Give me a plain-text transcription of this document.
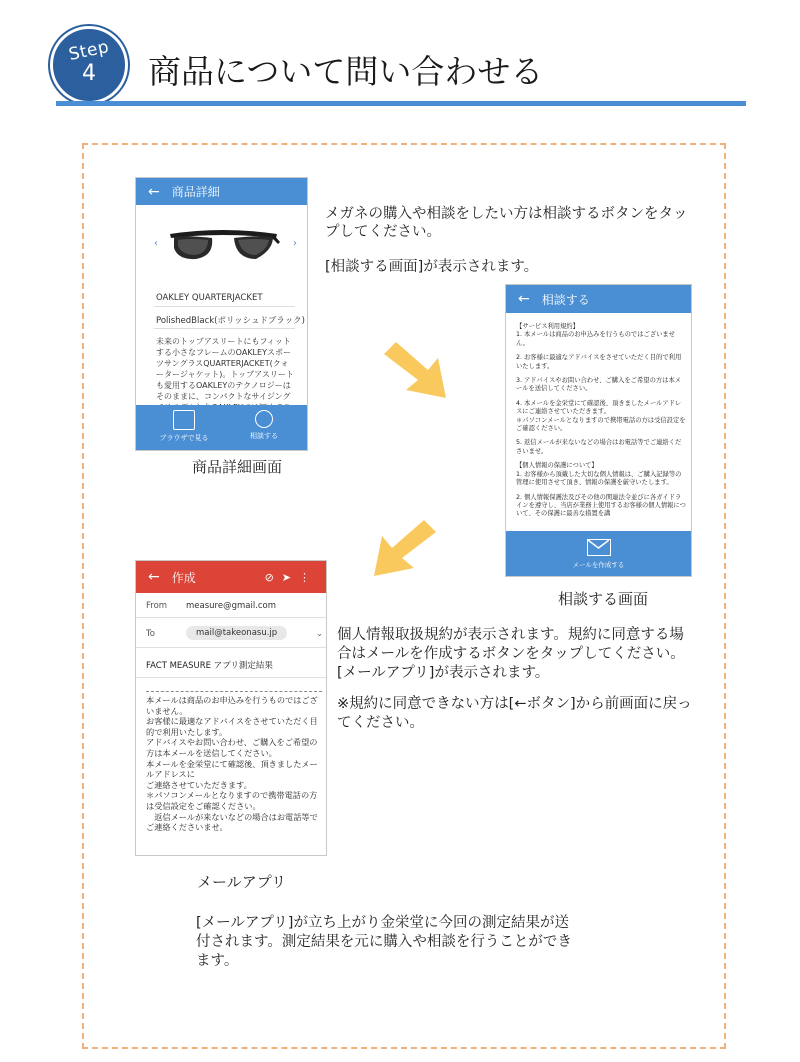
Step
4	商品について問い合わせる
← 商品詳細
‹	›
OAKLEY QUARTERJACKET
PolishedBlack(ポリッシュドブラック)
未来のトップアスリートにもフィットする小さなフレームのOAKLEYスポーツサングラスQUARTERJACKET(クォータージャケット)。トップアスリートも愛用するOAKLEYのテクノロジーはそのままに、コンパクトなサイジング
ブラウザで見る	相談する
商品詳細画面
メガネの購入や相談をしたい方は相談するボタンをタップしてください。
[相談する画面]が表示されます。
← 相談する

【サービス利用規約】
1. 本メールは商品のお申込みを行うものではございません。

2. お客様に最適なアドバイスをさせていただく目的で利用いたします。

3. アドバイスやお問い合わせ、ご購入をご希望の方は本メールを送信してください。

4. 本メールを金栄堂にて確認後、頂きましたメールアドレスにご連絡させていただきます。
＊パソコンメールとなりますので携帯電話の方は受信設定をご確認ください。

5. 返信メールが来ないなどの場合はお電話等でご連絡くださいませ。

【個人情報の保護について】
1. お客様から頂戴した大切な個人情報は、ご購入記録等の管理に使用させて頂き、情報の保護を厳守いたします。

2. 個人情報保護法及びその他の関連法令並びに各ガイドラインを遵守し、当店が業務上使用するお客様の個人情報について、その保護に最善な措置を講

メールを作成する
相談する画面
← 作成	⊘➤⋮
From measure@gmail.com
To	mail@takeonasu.jp	⌄
FACT MEASURE アプリ測定結果
本メールは商品のお申込みを行うものではございません。
お客様に最適なアドバイスをさせていただく目的で利用いたします。
アドバイスやお問い合わせ、ご購入をご希望の方は本メールを送信してください。
本メールを金栄堂にて確認後、頂きましたメールアドレスに
ご連絡させていただきます。
＊パソコンメールとなりますので携帯電話の方は受信設定をご確認ください。
　返信メールが来ないなどの場合はお電話等でご連絡くださいませ。
メールアプリ
個人情報取扱規約が表示されます。規約に同意する場合はメールを作成するボタンをタップしてください。[メールアプリ]が表示されます。
※規約に同意できない方は[←ボタン]から前画面に戻ってください。
[メールアプリ]が立ち上がり金栄堂に今回の測定結果が送付されます。測定結果を元に購入や相談を行うことができます。
